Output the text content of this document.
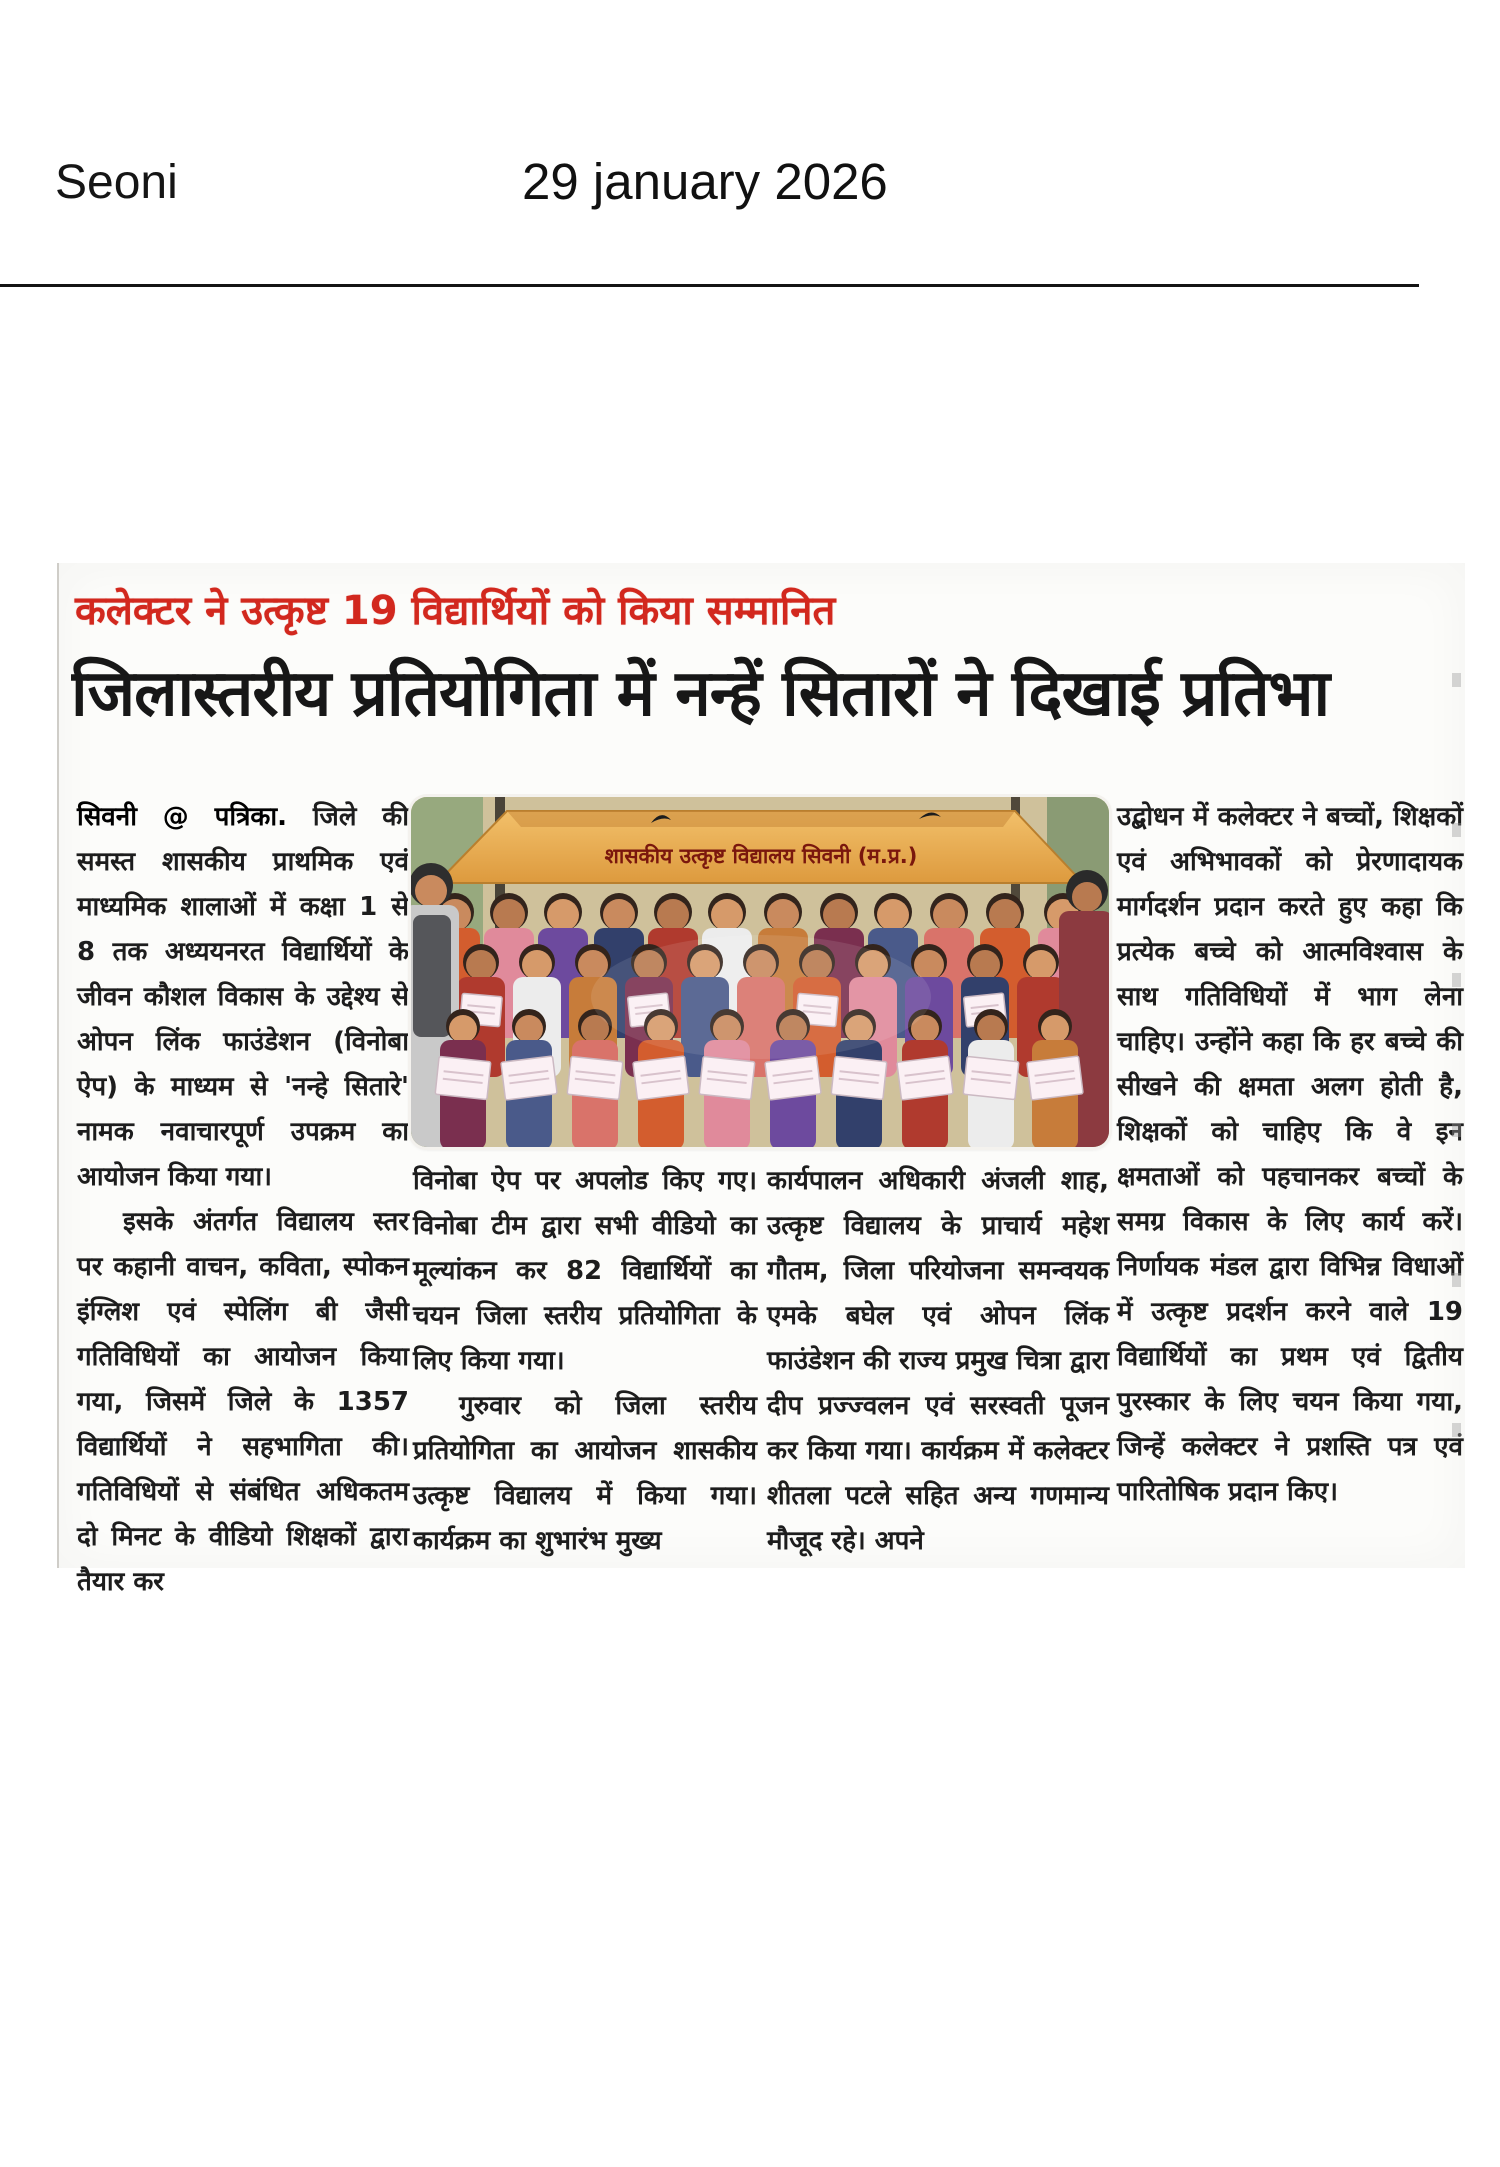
Seoni	29 january 2026
कलेक्टर ने उत्कृष्ट 19 विद्यार्थियों को किया सम्मानित
जिलास्तरीय प्रतियोगिता में नन्हें सितारों ने दिखाई प्रतिभा

सिवनी @ पत्रिका. जिले की समस्त शासकीय प्राथमिक एवं माध्यमिक शालाओं में कक्षा 1 से 8 तक अध्ययनरत विद्यार्थियों के जीवन कौशल विकास के उद्देश्य से ओपन लिंक फाउंडेशन (विनोबा ऐप) के माध्यम से 'नन्हे सितारे' नामक नवाचारपूर्ण उपक्रम का आयोजन किया गया।

इसके अंतर्गत विद्यालय स्तर पर कहानी वाचन, कविता, स्पोकन इंग्लिश एवं स्पेलिंग बी जैसी गतिविधियों का आयोजन किया गया, जिसमें जिले के 1357 विद्यार्थियों ने सहभागिता की। गतिविधियों से संबंधित अधिकतम दो मिनट के वीडियो शिक्षकों द्वारा तैयार कर

शासकीय उत्कृष्ट विद्यालय सिवनी (म.प्र.)

विनोबा ऐप पर अपलोड किए गए। विनोबा टीम द्वारा सभी वीडियो का मूल्यांकन कर 82 विद्यार्थियों का चयन जिला स्तरीय प्रतियोगिता के लिए किया गया।

गुरुवार को जिला स्तरीय प्रतियोगिता का आयोजन शासकीय उत्कृष्ट विद्यालय में किया गया। कार्यक्रम का शुभारंभ मुख्य

कार्यपालन अधिकारी अंजली शाह, उत्कृष्ट विद्यालय के प्राचार्य महेश गौतम, जिला परियोजना समन्वयक एमके बघेल एवं ओपन लिंक फाउंडेशन की राज्य प्रमुख चित्रा द्वारा दीप प्रज्ज्वलन एवं सरस्वती पूजन कर किया गया। कार्यक्रम में कलेक्टर शीतला पटले सहित अन्य गणमान्य मौजूद रहे। अपने

उद्बोधन में कलेक्टर ने बच्चों, शिक्षकों एवं अभिभावकों को प्रेरणादायक मार्गदर्शन प्रदान करते हुए कहा कि प्रत्येक बच्चे को आत्मविश्वास के साथ गतिविधियों में भाग लेना चाहिए। उन्होंने कहा कि हर बच्चे की सीखने की क्षमता अलग होती है, शिक्षकों को चाहिए कि वे इन क्षमताओं को पहचानकर बच्चों के समग्र विकास के लिए कार्य करें। निर्णायक मंडल द्वारा विभिन्न विधाओं में उत्कृष्ट प्रदर्शन करने वाले 19 विद्यार्थियों का प्रथम एवं द्वितीय पुरस्कार के लिए चयन किया गया, जिन्हें कलेक्टर ने प्रशस्ति पत्र एवं पारितोषिक प्रदान किए।
